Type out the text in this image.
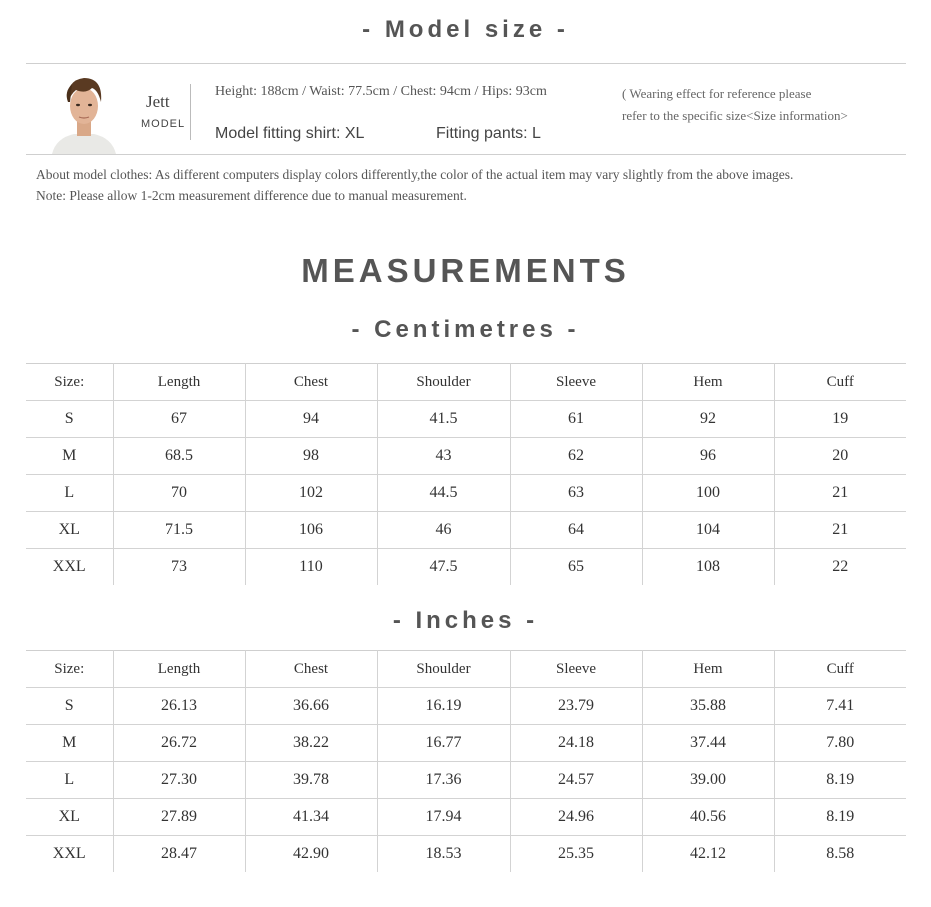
- Model size -
Jett
MODEL
Height: 188cm / Waist: 77.5cm / Chest: 94cm / Hips: 93cm
Model fitting shirt: XL	Fitting pants: L
( Wearing effect for reference please
refer to the specific size<Size information>
About model clothes: As different computers display colors differently,the color of the actual item may vary slightly from the above images.
Note: Please allow 1-2cm measurement difference due to manual measurement.
MEASUREMENTS
- Centimetres -
Size:	Length	Chest	Shoulder	Sleeve	Hem	Cuff
S	67	94	41.5	61	92	19
M	68.5	98	43	62	96	20
L	70	102	44.5	63	100	21
XL	71.5	106	46	64	104	21
XXL	73	110	47.5	65	108	22
- Inches -
Size:	Length	Chest	Shoulder	Sleeve	Hem	Cuff
S	26.13	36.66	16.19	23.79	35.88	7.41
M	26.72	38.22	16.77	24.18	37.44	7.80
L	27.30	39.78	17.36	24.57	39.00	8.19
XL	27.89	41.34	17.94	24.96	40.56	8.19
XXL	28.47	42.90	18.53	25.35	42.12	8.58
